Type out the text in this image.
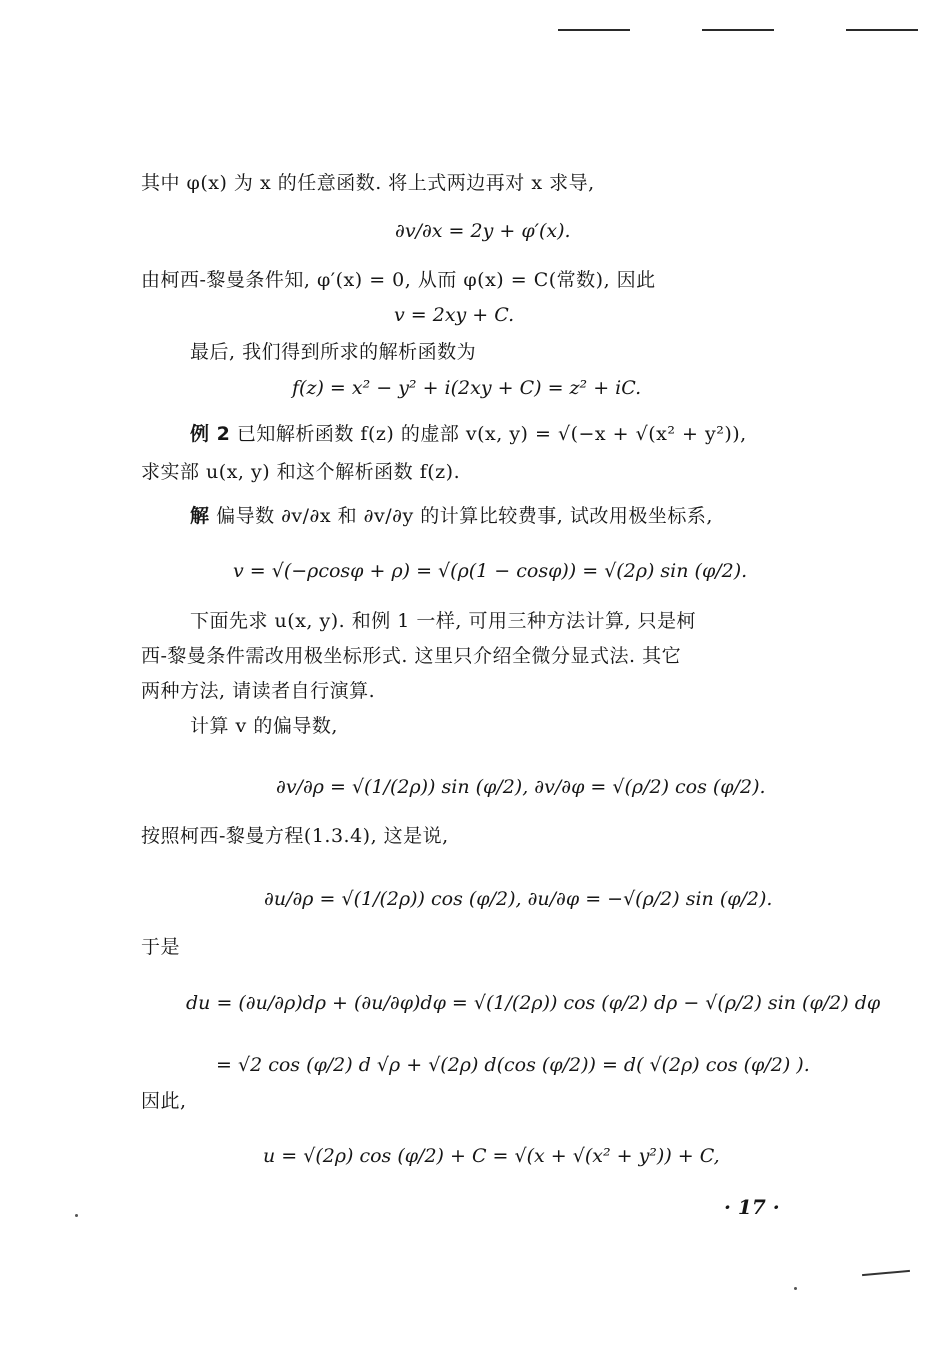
其中 φ(x) 为 x 的任意函数. 将上式两边再对 x 求导,
∂v/∂x = 2y + φ′(x).
由柯西-黎曼条件知, φ′(x) = 0, 从而 φ(x) = C(常数), 因此
v = 2xy + C.
最后, 我们得到所求的解析函数为
f(z) = x² − y² + i(2xy + C) = z² + iC.
例 2 已知解析函数 f(z) 的虚部 v(x, y) = √(−x + √(x² + y²)),
求实部 u(x, y) 和这个解析函数 f(z).
解 偏导数 ∂v/∂x 和 ∂v/∂y 的计算比较费事, 试改用极坐标系,
v = √(−ρcosφ + ρ) = √(ρ(1 − cosφ)) = √(2ρ) sin (φ/2).
下面先求 u(x, y). 和例 1 一样, 可用三种方法计算, 只是柯
西-黎曼条件需改用极坐标形式. 这里只介绍全微分显式法. 其它
两种方法, 请读者自行演算.
计算 v 的偏导数,
∂v/∂ρ = √(1/(2ρ)) sin (φ/2), ∂v/∂φ = √(ρ/2) cos (φ/2).
按照柯西-黎曼方程(1.3.4), 这是说,
∂u/∂ρ = √(1/(2ρ)) cos (φ/2), ∂u/∂φ = −√(ρ/2) sin (φ/2).
于是
du = (∂u/∂ρ)dρ + (∂u/∂φ)dφ = √(1/(2ρ)) cos (φ/2) dρ − √(ρ/2) sin (φ/2) dφ
= √2 cos (φ/2) d √ρ + √(2ρ) d(cos (φ/2)) = d( √(2ρ) cos (φ/2) ).
因此,
u = √(2ρ) cos (φ/2) + C = √(x + √(x² + y²)) + C,
· 17 ·
